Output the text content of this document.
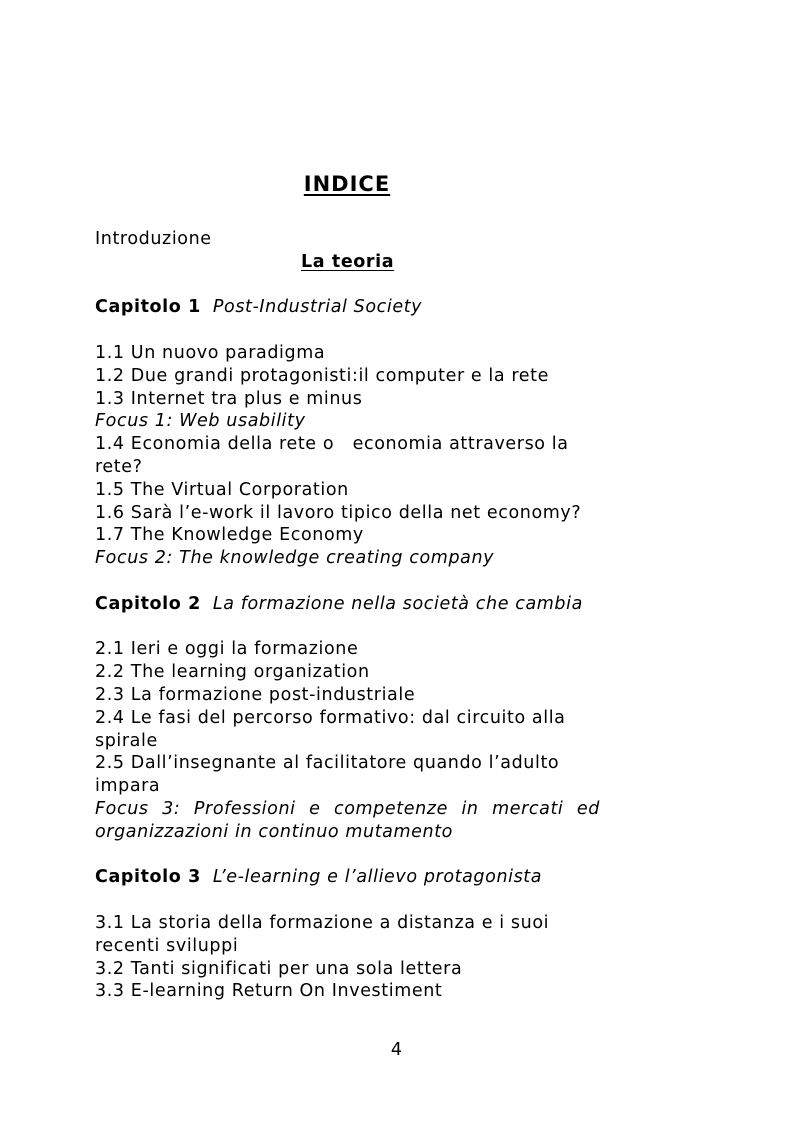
INDICE
Introduzione
La teoria
Capitolo 1 Post-Industrial Society
1.1 Un nuovo paradigma
1.2 Due grandi protagonisti:il computer e la rete
1.3 Internet tra plus e minus
Focus 1: Web usability
1.4 Economia della rete o   economia attraverso la
rete?
1.5 The Virtual Corporation
1.6 Sarà l’e-work il lavoro tipico della net economy?
1.7 The Knowledge Economy
Focus 2: The knowledge creating company
Capitolo 2 La formazione nella società che cambia
2.1 Ieri e oggi la formazione
2.2 The learning organization
2.3 La formazione post-industriale
2.4 Le fasi del percorso formativo: dal circuito alla
spirale
2.5 Dall’insegnante al facilitatore quando l’adulto
impara
Focus 3: Professioni e competenze in mercati ed
organizzazioni in continuo mutamento
Capitolo 3 L’e-learning e l’allievo protagonista
3.1 La storia della formazione a distanza e i suoi
recenti sviluppi
3.2 Tanti significati per una sola lettera
3.3 E-learning Return On Investiment
4
